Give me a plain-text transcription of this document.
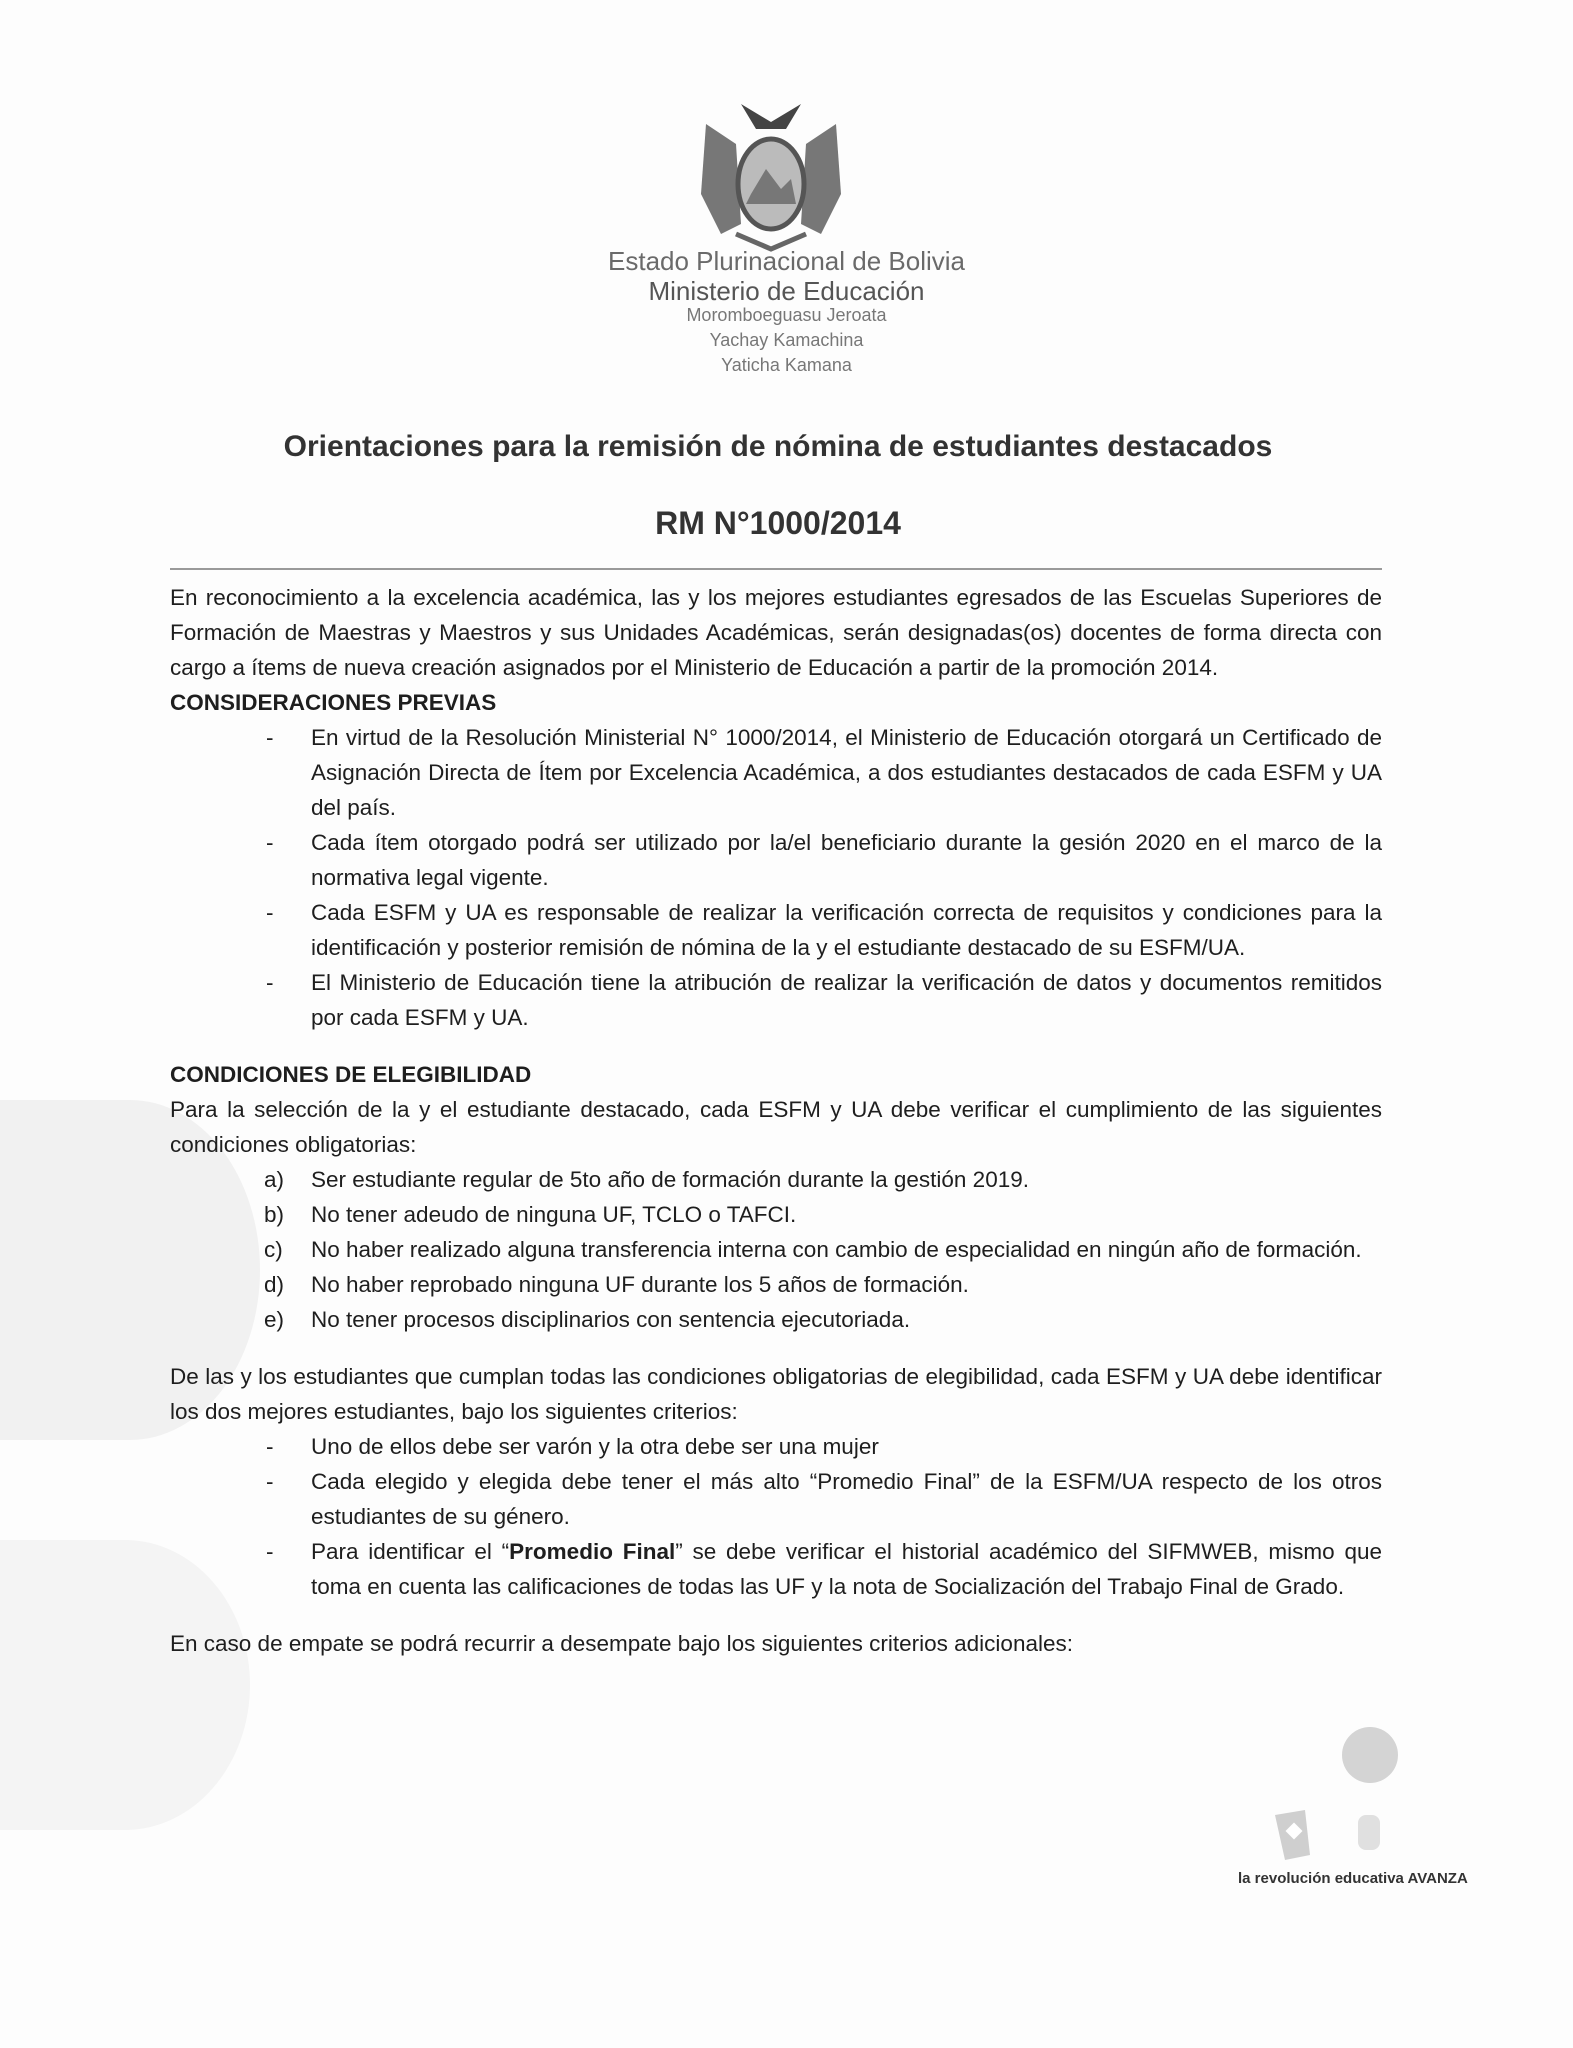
Estado Plurinacional de Bolivia
Ministerio de Educación
Moromboeguasu Jeroata
Yachay Kamachina
Yaticha Kamana
Orientaciones para la remisión de nómina de estudiantes destacados
RM N°1000/2014

En reconocimiento a la excelencia académica, las y los mejores estudiantes egresados de las Escuelas Superiores de Formación de Maestras y Maestros y sus Unidades Académicas, serán designadas(os) docentes de forma directa con cargo a ítems de nueva creación asignados por el Ministerio de Educación a partir de la promoción 2014.

CONSIDERACIONES PREVIAS
- En virtud de la Resolución Ministerial N° 1000/2014, el Ministerio de Educación otorgará un Certificado de Asignación Directa de Ítem por Excelencia Académica, a dos estudiantes destacados de cada ESFM y UA del país.
- Cada ítem otorgado podrá ser utilizado por la/el beneficiario durante la gesión 2020 en el marco de la normativa legal vigente.
- Cada ESFM y UA es responsable de realizar la verificación correcta de requisitos y condiciones para la identificación y posterior remisión de nómina de la y el estudiante destacado de su ESFM/UA.
- El Ministerio de Educación tiene la atribución de realizar la verificación de datos y documentos remitidos por cada ESFM y UA.
CONDICIONES DE ELEGIBILIDAD

Para la selección de la y el estudiante destacado, cada ESFM y UA debe verificar el cumplimiento de las siguientes condiciones obligatorias:

a) Ser estudiante regular de 5to año de formación durante la gestión 2019.
b) No tener adeudo de ninguna UF, TCLO o TAFCI.
c) No haber realizado alguna transferencia interna con cambio de especialidad en ningún año de formación.
d) No haber reprobado ninguna UF durante los 5 años de formación.
e) No tener procesos disciplinarios con sentencia ejecutoriada.

De las y los estudiantes que cumplan todas las condiciones obligatorias de elegibilidad, cada ESFM y UA debe identificar los dos mejores estudiantes, bajo los siguientes criterios:

- Uno de ellos debe ser varón y la otra debe ser una mujer
- Cada elegido y elegida debe tener el más alto “Promedio Final” de la ESFM/UA respecto de los otros estudiantes de su género.
- Para identificar el “Promedio Final” se debe verificar el historial académico del SIFMWEB, mismo que toma en cuenta las calificaciones de todas las UF y la nota de Socialización del Trabajo Final de Grado.

En caso de empate se podrá recurrir a desempate bajo los siguientes criterios adicionales:

la revolución educativa AVANZA
